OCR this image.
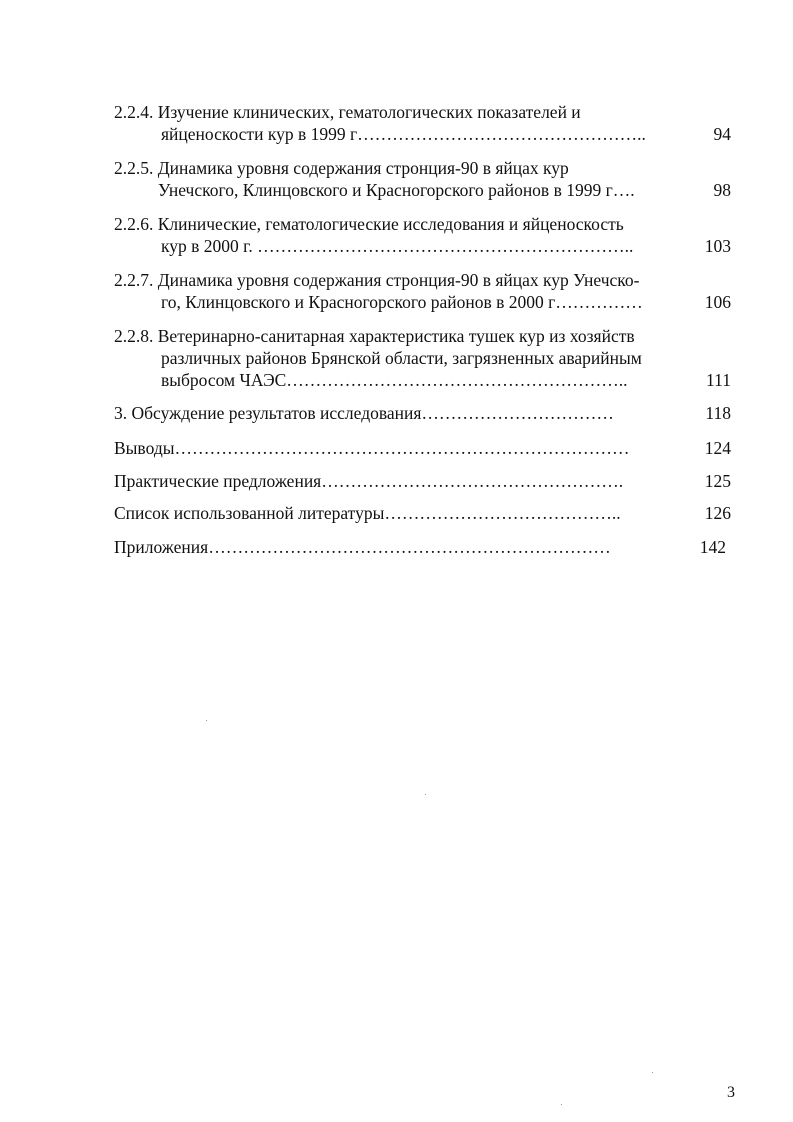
2.2.4. Изучение клинических, гематологических показателей и
яйценоскости кур в 1999 г…………………………………………..	94
2.2.5. Динамика уровня содержания стронция-90 в яйцах кур
Унечского, Клинцовского и Красногорского районов в 1999 г….	98
2.2.6. Клинические, гематологические исследования и яйценоскость
кур в 2000 г. ………………………………………………………..	103
2.2.7. Динамика уровня содержания стронция-90 в яйцах кур Унечско-
го, Клинцовского и Красногорского районов в 2000 г……………	106
2.2.8. Ветеринарно-санитарная характеристика тушек кур из хозяйств
различных районов Брянской области, загрязненных аварийным
выбросом ЧАЭС…………………………………………………..	111
3. Обсуждение результатов исследования……………………………	118
Выводы……………………………………………………………………	124
Практические предложения…………………………………………….	125
Список использованной литературы…………………………………..	126
Приложения……………………………………………………………	142
3
